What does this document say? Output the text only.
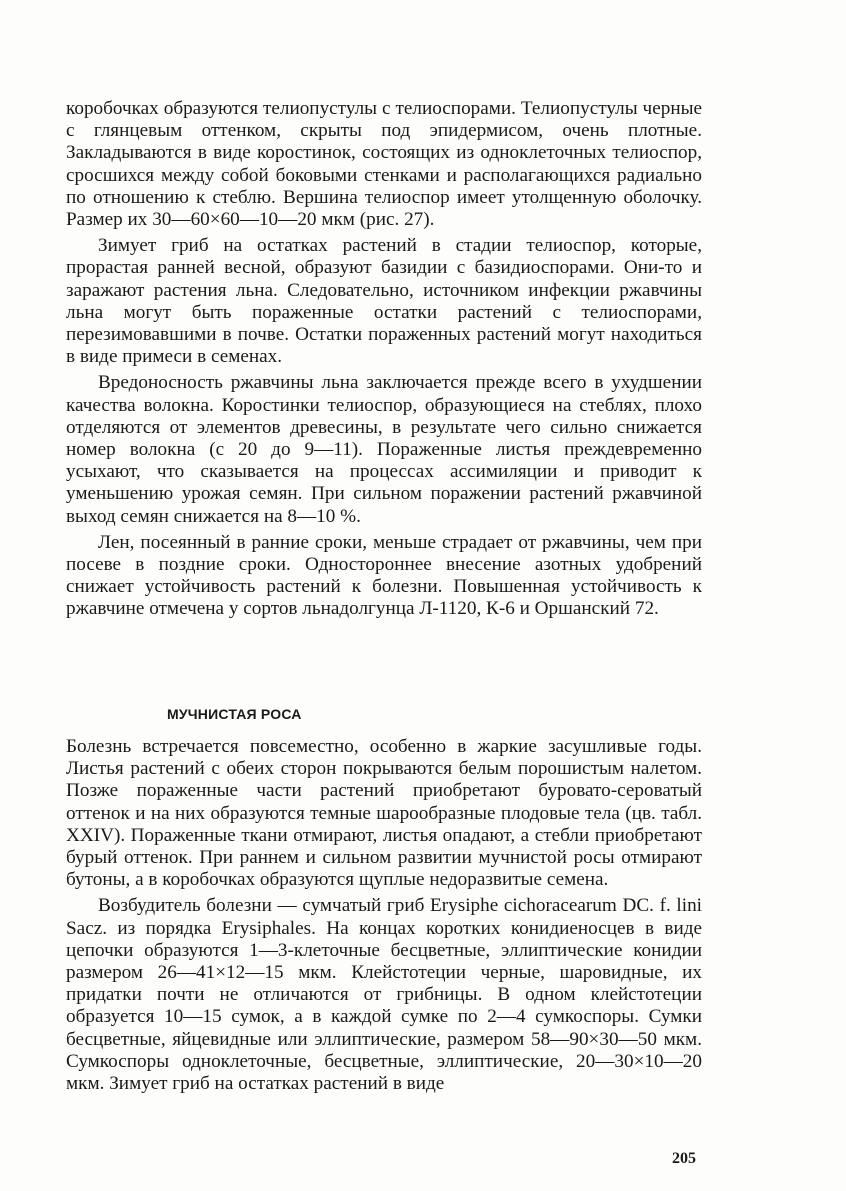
коробочках образуются телиопустулы с телиоспорами. Телиопустулы черные с глянцевым оттенком, скрыты под эпидермисом, очень плотные. Закладываются в виде коростинок, состоящих из одноклеточных телиоспор, сросшихся между собой боковыми стенками и располагающихся радиально по отношению к стеблю. Вершина телиоспор имеет утолщенную оболочку. Размер их 30—60×60—10—20 мкм (рис. 27).

Зимует гриб на остатках растений в стадии телиоспор, которые, прорастая ранней весной, образуют базидии с базидиоспорами. Они-то и заражают растения льна. Следовательно, источником инфекции ржавчины льна могут быть пораженные остатки растений с телиоспорами, перезимовавшими в почве. Остатки пораженных растений могут находиться в виде примеси в семенах.

Вредоносность ржавчины льна заключается прежде всего в ухудшении качества волокна. Коростинки телиоспор, образующиеся на стеблях, плохо отделяются от элементов древесины, в результате чего сильно снижается номер волокна (с 20 до 9—11). Пораженные листья преждевременно усыхают, что сказывается на процессах ассимиляции и приводит к уменьшению урожая семян. При сильном поражении растений ржавчиной выход семян снижается на 8—10 %.

Лен, посеянный в ранние сроки, меньше страдает от ржавчины, чем при посеве в поздние сроки. Одностороннее внесение азотных удобрений снижает устойчивость растений к болезни. Повышенная устойчивость к ржавчине отмечена у сортов льнадолгунца Л-1120, К-6 и Оршанский 72.

МУЧНИСТАЯ РОСА

Болезнь встречается повсеместно, особенно в жаркие засушливые годы. Листья растений с обеих сторон покрываются белым порошистым налетом. Позже пораженные части растений приобретают буровато-сероватый оттенок и на них образуются темные шарообразные плодовые тела (цв. табл. XXIV). Пораженные ткани отмирают, листья опадают, а стебли приобретают бурый оттенок. При раннем и сильном развитии мучнистой росы отмирают бутоны, а в коробочках образуются щуплые недоразвитые семена.

Возбудитель болезни — сумчатый гриб Erysiphe cichoracearum DC. f. lini Sacz. из порядка Erysiphales. На концах коротких конидиеносцев в виде цепочки образуются 1—3-клеточные бесцветные, эллиптические конидии размером 26—41×12—15 мкм. Клейстотеции черные, шаровидные, их придатки почти не отличаются от грибницы. В одном клейстотеции образуется 10—15 сумок, а в каждой сумке по 2—4 сумкоспоры. Сумки бесцветные, яйцевидные или эллиптические, размером 58—90×30—50 мкм. Сумкоспоры одноклеточные, бесцветные, эллиптические, 20—30×10—20 мкм. Зимует гриб на остатках растений в виде

205
